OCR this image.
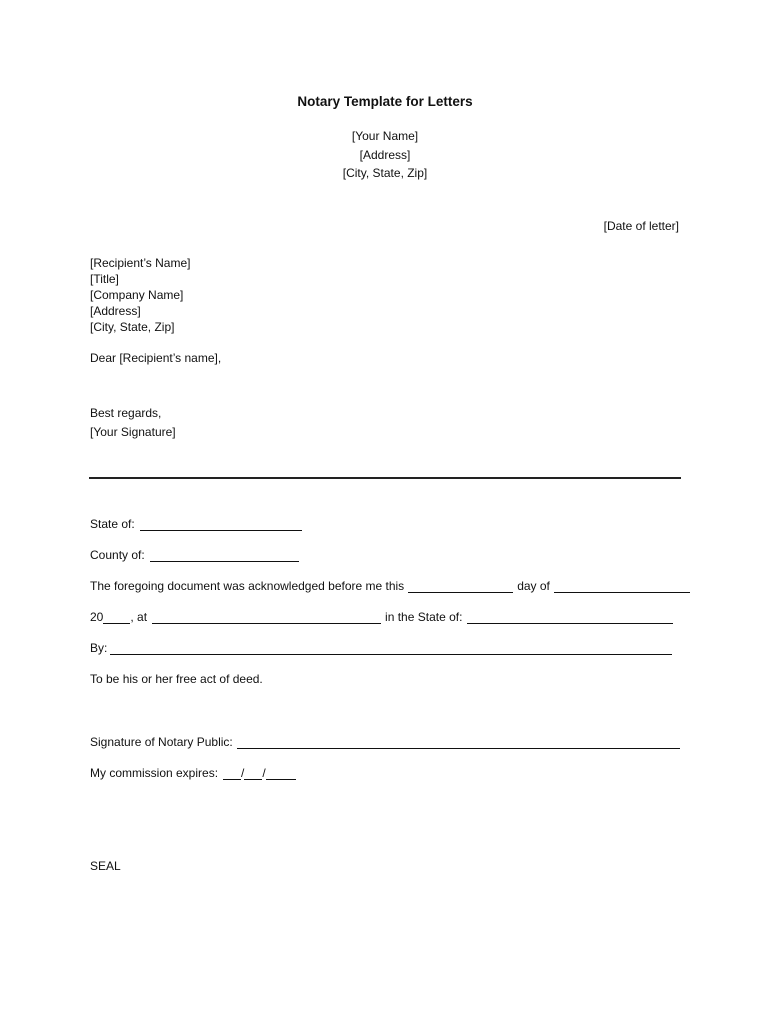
Notary Template for Letters
[Your Name]
[Address]
[City, State, Zip]
[Date of letter]
[Recipient’s Name]
[Title]
[Company Name]
[Address]
[City, State, Zip]
Dear [Recipient’s name],
Best regards,
[Your Signature]
State of:
County of:
The foregoing document was acknowledged before me this	day of
20 , at	in the State of:
By:
To be his or her free act of deed.
Signature of Notary Public:
My commission expires: / /
SEAL
